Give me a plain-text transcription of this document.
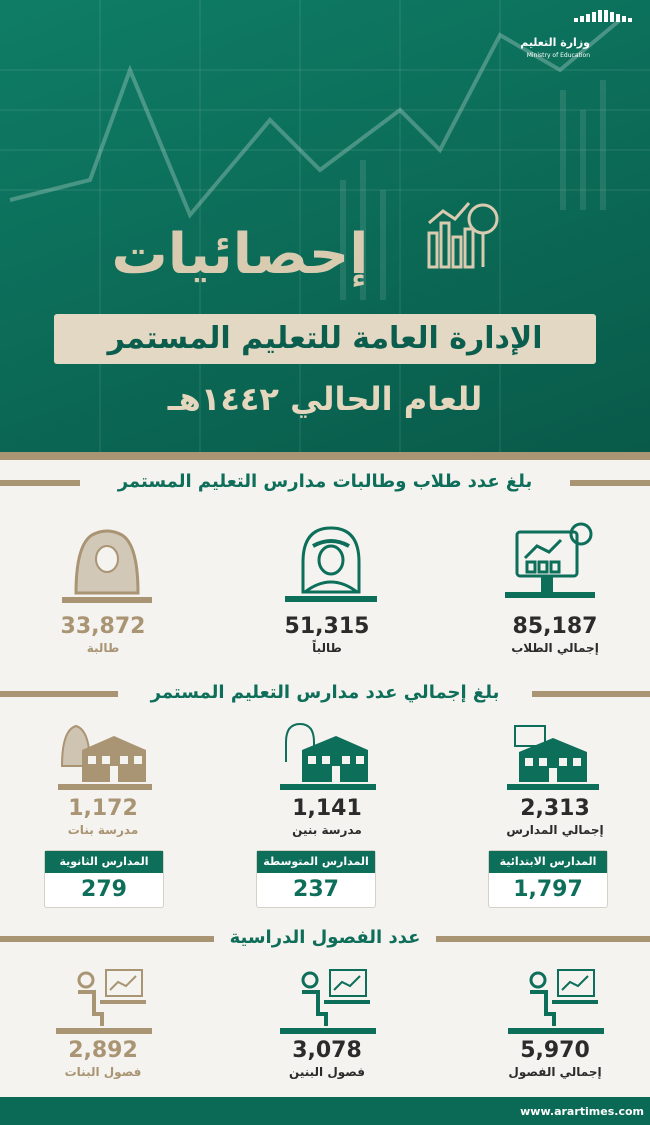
وزارة التعليم
Ministry of Education
إحصائيات
الإدارة العامة للتعليم المستمر
للعام الحالي ١٤٤٢هـ
بلغ عدد طلاب وطالبات مدارس التعليم المستمر
85,187
إجمالي الطلاب
51,315
طالباً
33,872
طالبة
بلغ إجمالي عدد مدارس التعليم المستمر
2,313
إجمالي المدارس
1,141
مدرسة بنين
1,172
مدرسة بنات
المدارس الابتدائية
1,797
المدارس المتوسطة
237
المدارس الثانوية
279
عدد الفصول الدراسية
5,970
إجمالي الفصول
3,078
فصول البنين
2,892
فصول البنات
www.arartimes.com
